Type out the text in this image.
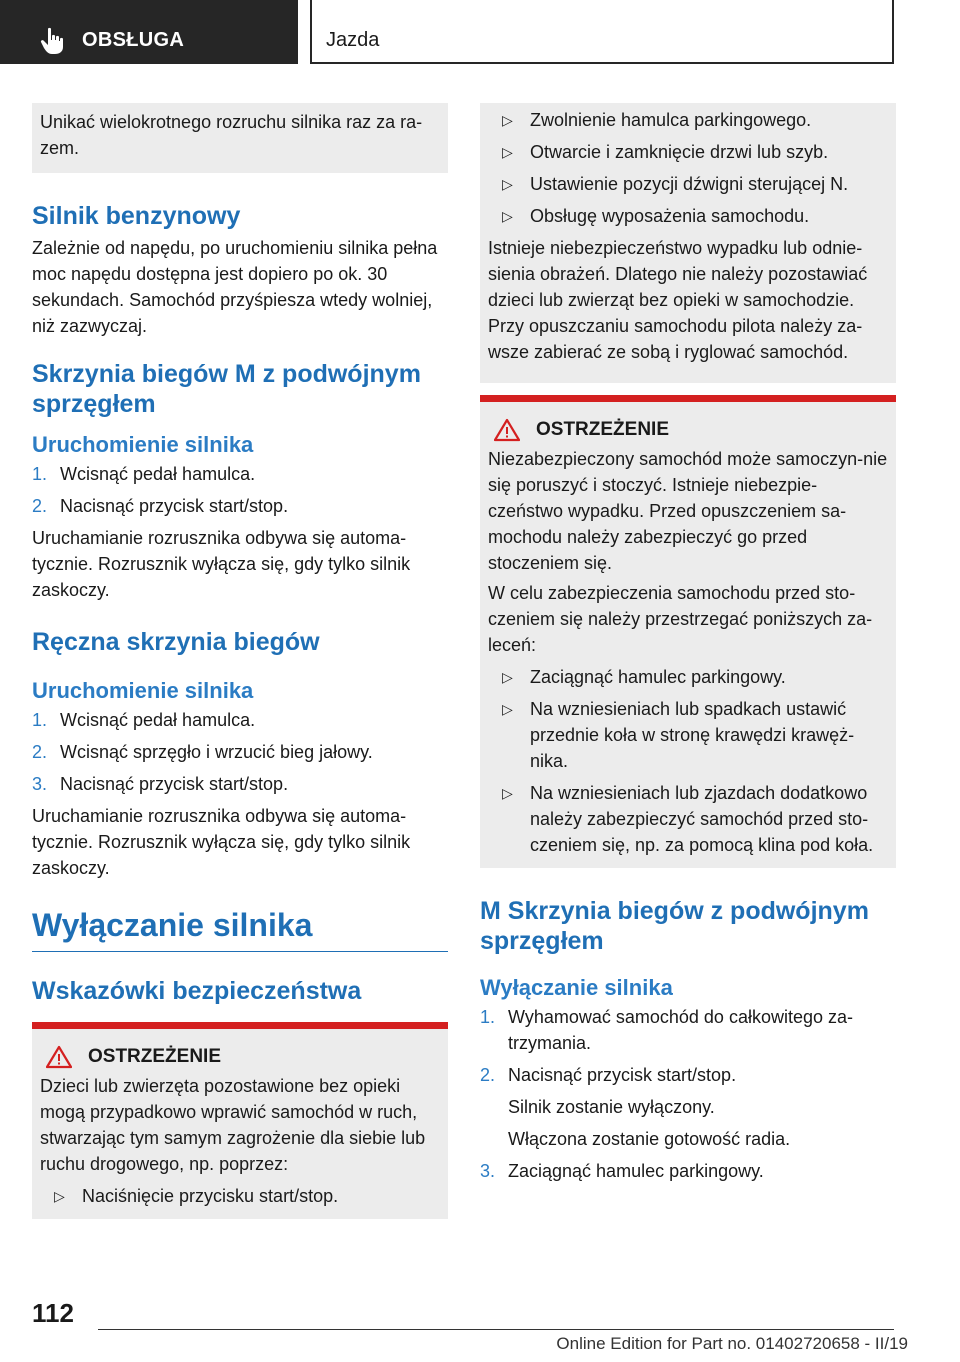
OBSŁUGA	Jazda

Unikać wielokrotnego rozruchu silnika raz za ra‐zem.

Silnik benzynowy

Zależnie od napędu, po uruchomieniu silnika pełna moc napędu dostępna jest dopiero po ok. 30 sekundach. Samochód przyśpiesza wtedy wolniej, niż zazwyczaj.

Skrzynia biegów M z podwójnym sprzęgłem
Uruchomienie silnika
1. Wcisnąć pedał hamulca.
2. Nacisnąć przycisk start/stop.

Uruchamianie rozrusznika odbywa się automa‐tycznie. Rozrusznik wyłącza się, gdy tylko silnik zaskoczy.

Ręczna skrzynia biegów
Uruchomienie silnika
1. Wcisnąć pedał hamulca.
2. Wcisnąć sprzęgło i wrzucić bieg jałowy.
3. Nacisnąć przycisk start/stop.

Uruchamianie rozrusznika odbywa się automa‐tycznie. Rozrusznik wyłącza się, gdy tylko silnik zaskoczy.

Wyłączanie silnika
Wskazówki bezpieczeństwa
OSTRZEŻENIE

Dzieci lub zwierzęta pozostawione bez opieki mogą przypadkowo wprawić samochód w ruch, stwarzając tym samym zagrożenie dla siebie lub ruchu drogowego, np. poprzez:

▷ Naciśnięcie przycisku start/stop.
▷ Zwolnienie hamulca parkingowego.
▷ Otwarcie i zamknięcie drzwi lub szyb.
▷ Ustawienie pozycji dźwigni sterującej N.
▷ Obsługę wyposażenia samochodu.

Istnieje niebezpieczeństwo wypadku lub odnie‐sienia obrażeń. Dlatego nie należy pozostawiać dzieci lub zwierząt bez opieki w samochodzie. Przy opuszczaniu samochodu pilota należy za‐wsze zabierać ze sobą i ryglować samochód.

OSTRZEŻENIE

Niezabezpieczony samochód może samoczyn‐nie się poruszyć i stoczyć. Istnieje niebezpie‐czeństwo wypadku. Przed opuszczeniem sa‐mochodu należy zabezpieczyć go przed stoczeniem się.

W celu zabezpieczenia samochodu przed sto‐czeniem się należy przestrzegać poniższych za‐leceń:

▷ Zaciągnąć hamulec parkingowy.
▷ Na wzniesieniach lub spadkach ustawić przednie koła w stronę krawędzi krawęż‐nika.
▷ Na wzniesieniach lub zjazdach dodatkowo należy zabezpieczyć samochód przed sto‐czeniem się, np. za pomocą klina pod koła.
M Skrzynia biegów z podwójnym sprzęgłem
Wyłączanie silnika
1. Wyhamować samochód do całkowitego za‐trzymania.
2. Nacisnąć przycisk start/stop.
Silnik zostanie wyłączony.
Włączona zostanie gotowość radia.
3. Zaciągnąć hamulec parkingowy.
112
Online Edition for Part no. 01402720658 - II/19
